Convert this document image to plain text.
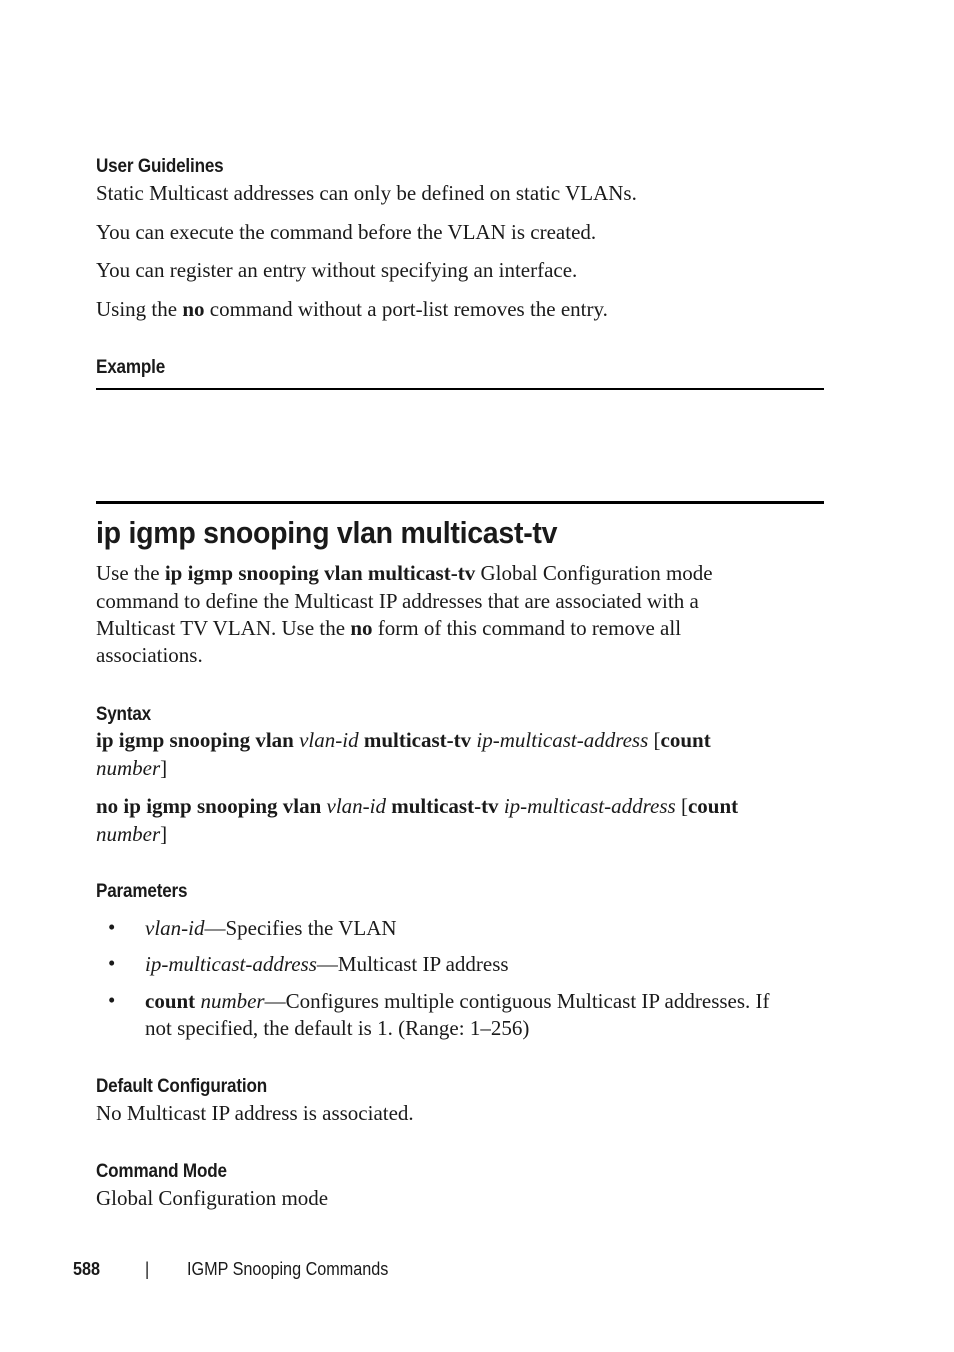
User Guidelines
Static Multicast addresses can only be defined on static VLANs.
You can execute the command before the VLAN is created.
You can register an entry without specifying an interface.
Using the no command without a port-list removes the entry.
Example
ip igmp snooping vlan multicast-tv
Use the ip igmp snooping vlan multicast-tv Global Configuration mode
command to define the Multicast IP addresses that are associated with a
Multicast TV VLAN. Use the no form of this command to remove all
associations.
Syntax
ip igmp snooping vlan vlan-id multicast-tv ip-multicast-address [count
number]
no ip igmp snooping vlan vlan-id multicast-tv ip-multicast-address [count
number]
Parameters
• vlan-id—Specifies the VLAN
• ip-multicast-address—Multicast IP address
• count number—Configures multiple contiguous Multicast IP addresses. If
not specified, the default is 1. (Range: 1–256)
Default Configuration
No Multicast IP address is associated.
Command Mode
Global Configuration mode
588 | IGMP Snooping Commands
